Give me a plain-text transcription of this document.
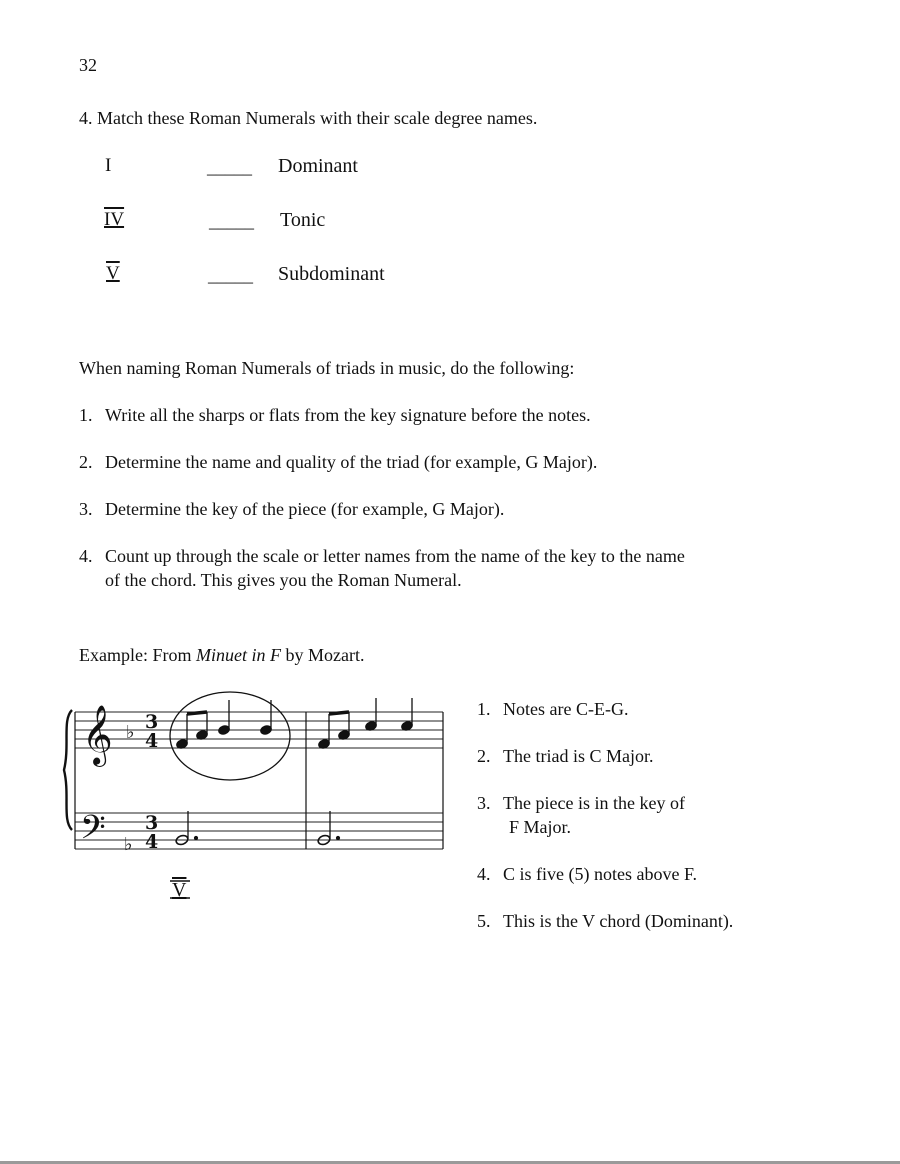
32
4. Match these Roman Numerals with their scale degree names.
I	_____ Dominant
IV	_____ Tonic
V	_____ Subdominant
When naming Roman Numerals of triads in music, do the following:
1. Write all the sharps or flats from the key signature before the notes.
2. Determine the name and quality of the triad (for example, G Major).
3. Determine the key of the piece (for example, G Major).
4. Count up through the scale or letter names from the name of the key to the name
of the chord. This gives you the Roman Numeral.
Example: From Minuet in F by Mozart.
𝄞
𝄢
♭
♭
3
4
3
4
V
1. Notes are C-E-G.
2. The triad is C Major.
3. The piece is in the key of
F Major.
4. C is five (5) notes above F.
5. This is the V chord (Dominant).
